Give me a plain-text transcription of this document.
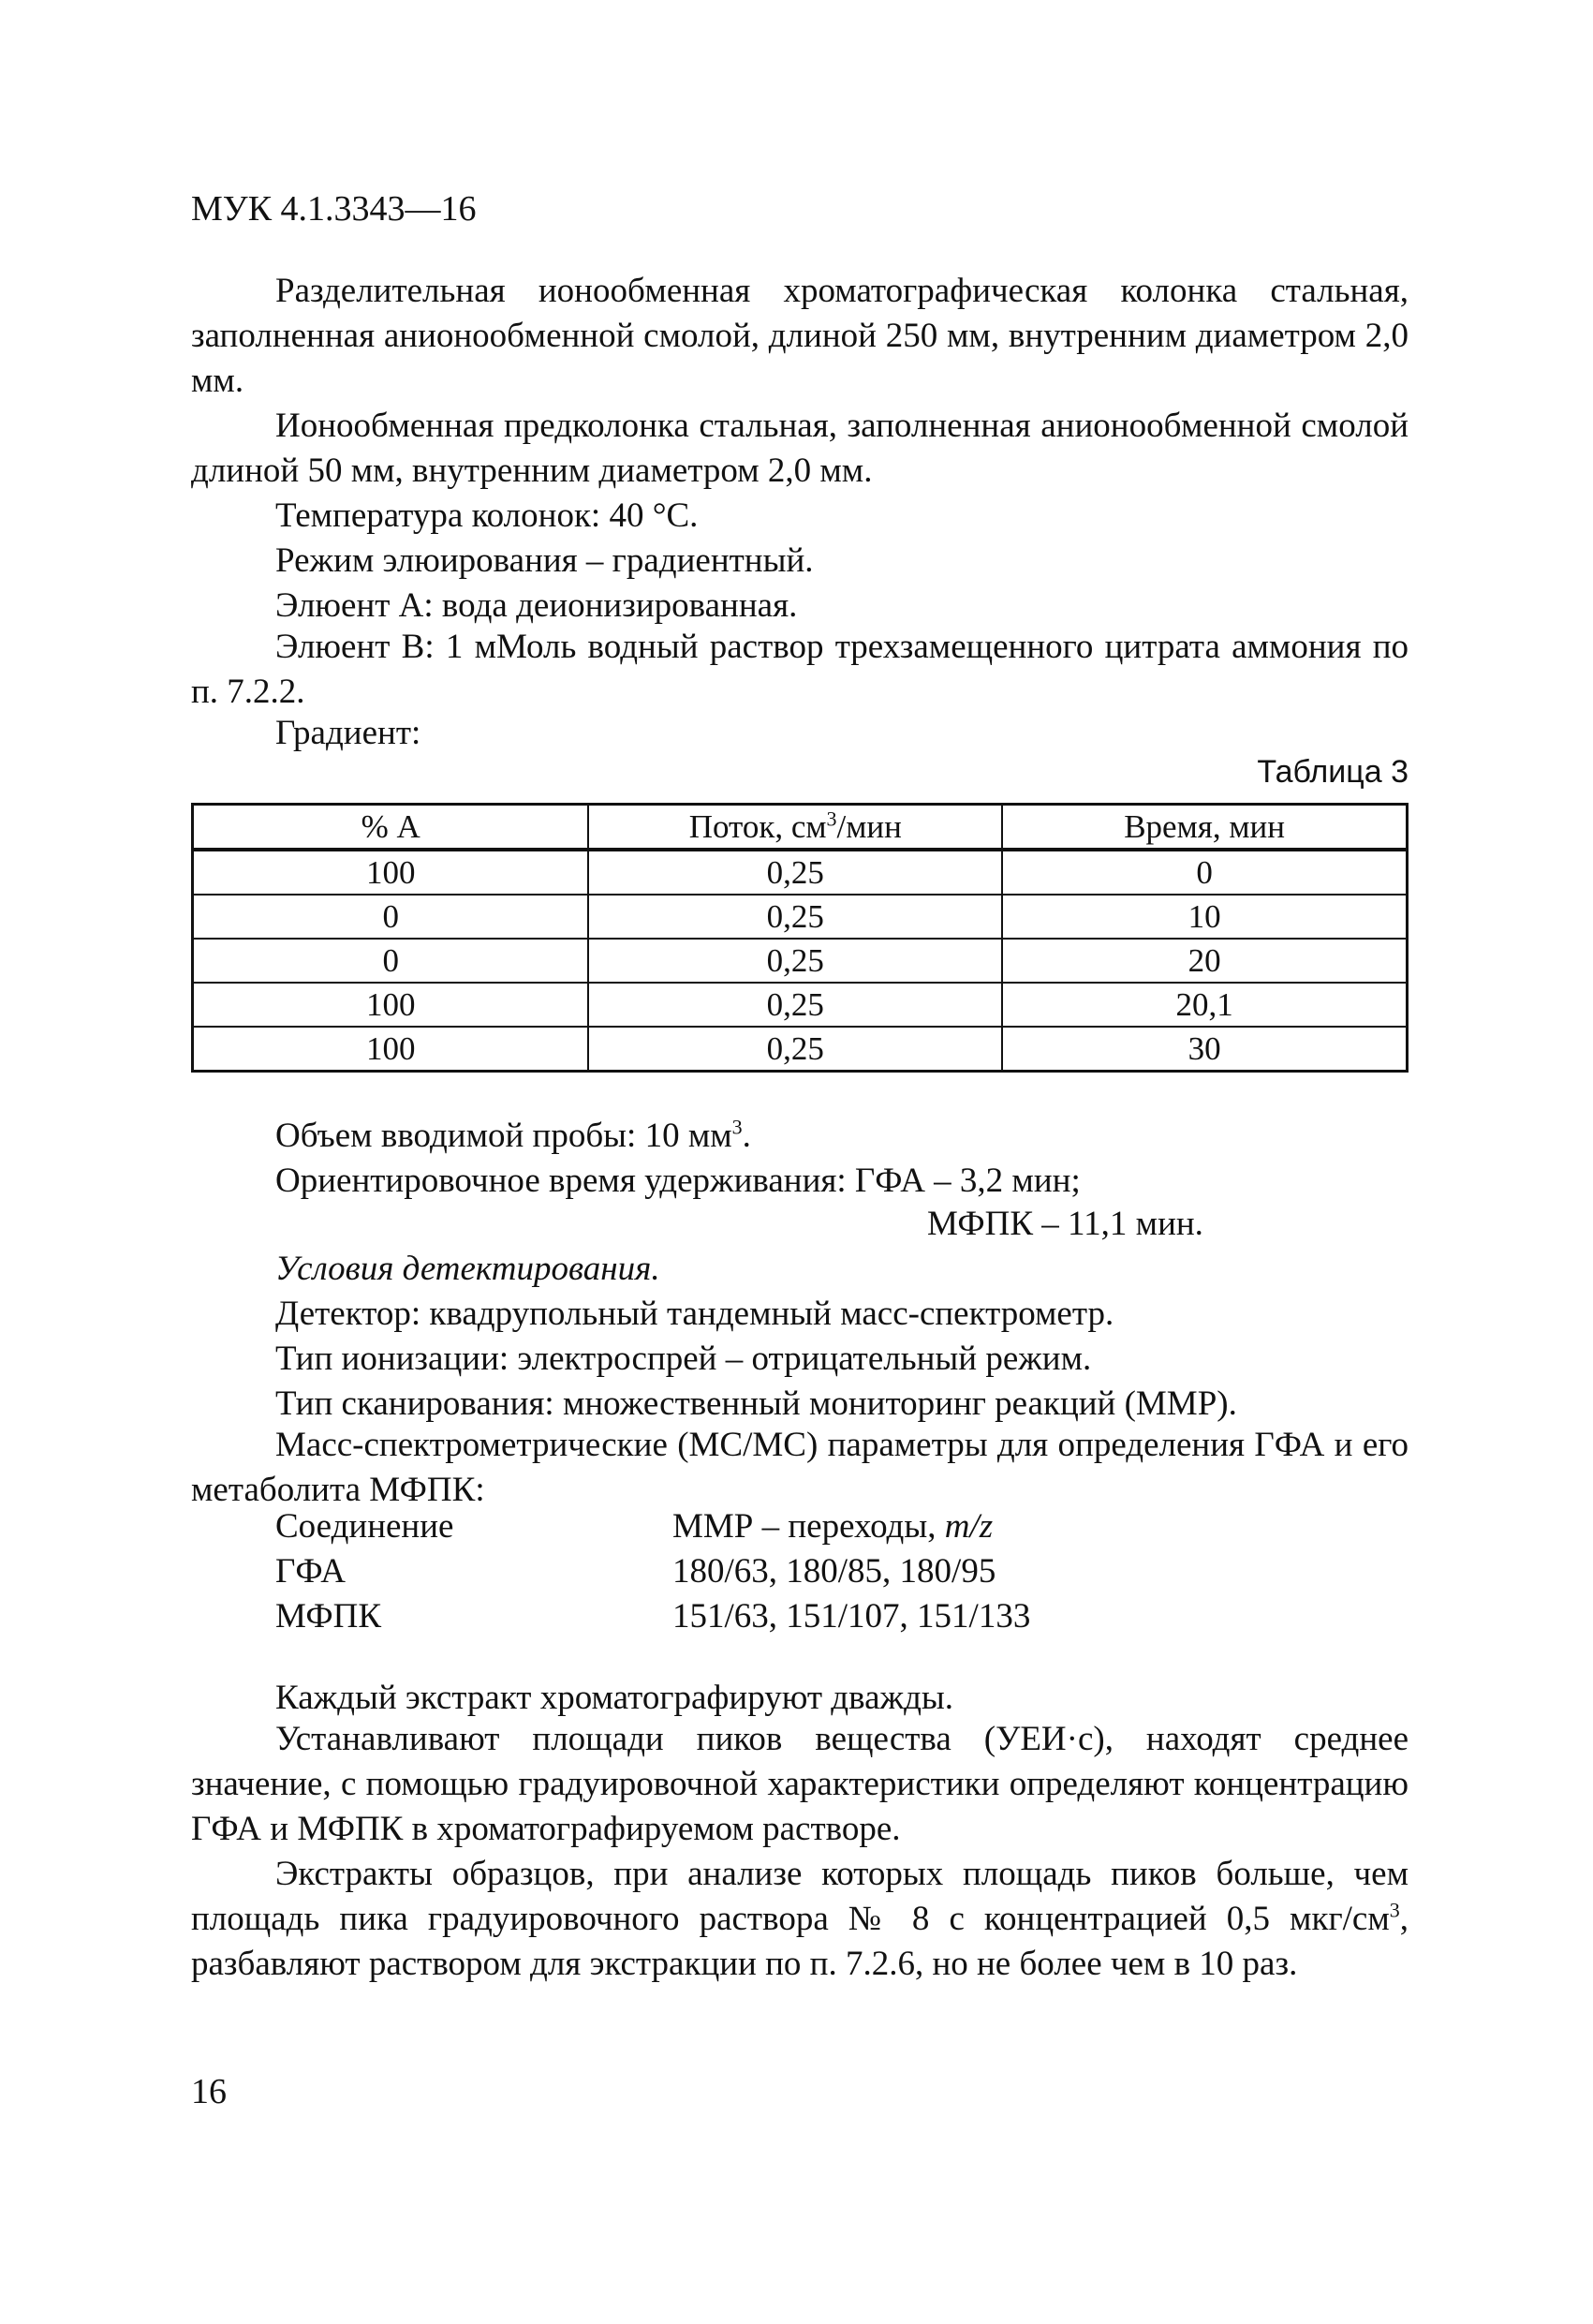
МУК 4.1.3343—16
Разделительная ионообменная хроматографическая колонка стальная, заполненная анионообменной смолой, длиной 250 мм, внутренним диаметром 2,0 мм.
Ионообменная предколонка стальная, заполненная анионообменной смолой длиной 50 мм, внутренним диаметром 2,0 мм.
Температура колонок: 40 °С.
Режим элюирования – градиентный.
Элюент А: вода деионизированная.
Элюент В: 1 мМоль водный раствор трехзамещенного цитрата аммония по п. 7.2.2.
Градиент:
Таблица 3
% А	Поток, $см^3$/мин	Время, мин
100	0,25	0
0	0,25	10
0	0,25	20
100	0,25	20,1
100	0,25	30
Объем вводимой пробы: 10 $мм^3$.
Ориентировочное время удерживания: ГФА – 3,2 мин;
МФПК – 11,1 мин.
Условия детектирования.
Детектор: квадрупольный тандемный масс-спектрометр.
Тип ионизации: электроспрей – отрицательный режим.
Тип сканирования: множественный мониторинг реакций (ММР).
Масс-спектрометрические (МС/МС) параметры для определения ГФА и его метаболита МФПК:
Соединение	ММР – переходы, m/z
ГФА	180/63, 180/85, 180/95
МФПК	151/63, 151/107, 151/133
Каждый экстракт хроматографируют дважды.
Устанавливают площади пиков вещества (УЕИ·с), находят среднее значение, с помощью градуировочной характеристики определяют концентрацию ГФА и МФПК в хроматографируемом растворе.
Экстракты образцов, при анализе которых площадь пиков больше, чем площадь пика градуировочного раствора № 8 с концентрацией 0,5 мкг/$см^3$, разбавляют раствором для экстракции по п. 7.2.6, но не более чем в 10 раз.
16
